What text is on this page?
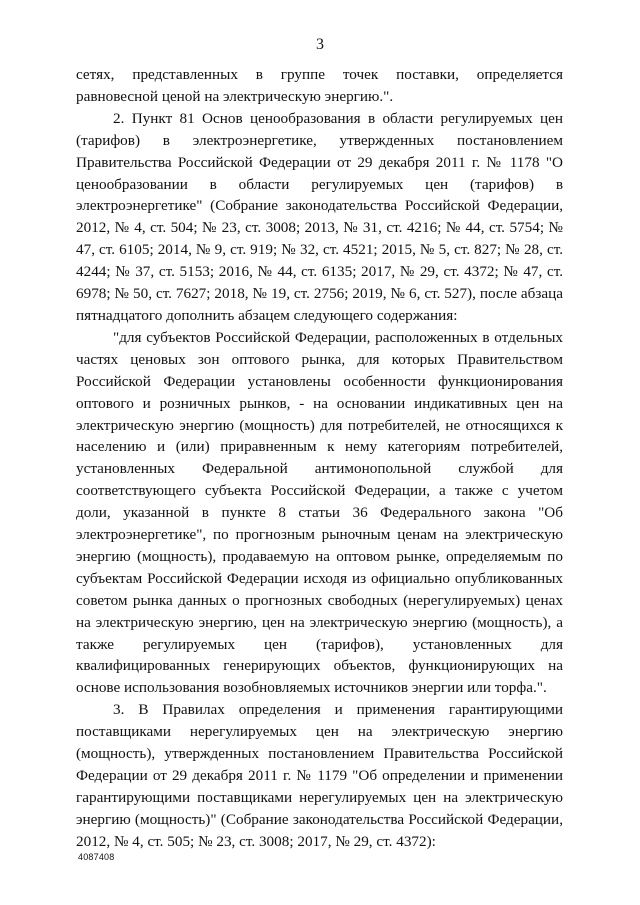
3

сетях, представленных в группе точек поставки, определяется равновесной ценой на электрическую энергию.".

2. Пункт 81 Основ ценообразования в области регулируемых цен (тарифов) в электроэнергетике, утвержденных постановлением Правительства Российской Федерации от 29 декабря 2011 г. № 1178 "О ценообразовании в области регулируемых цен (тарифов) в электроэнергетике" (Собрание законодательства Российской Федерации, 2012, № 4, ст. 504; № 23, ст. 3008; 2013, № 31, ст. 4216; № 44, ст. 5754; № 47, ст. 6105; 2014, № 9, ст. 919; № 32, ст. 4521; 2015, № 5, ст. 827; № 28, ст. 4244; № 37, ст. 5153; 2016, № 44, ст. 6135; 2017, № 29, ст. 4372; № 47, ст. 6978; № 50, ст. 7627; 2018, № 19, ст. 2756; 2019, № 6, ст. 527), после абзаца пятнадцатого дополнить абзацем следующего содержания:

"для субъектов Российской Федерации, расположенных в отдельных частях ценовых зон оптового рынка, для которых Правительством Российской Федерации установлены особенности функционирования оптового и розничных рынков, - на основании индикативных цен на электрическую энергию (мощность) для потребителей, не относящихся к населению и (или) приравненным к нему категориям потребителей, установленных Федеральной антимонопольной службой для соответствующего субъекта Российской Федерации, а также с учетом доли, указанной в пункте 8 статьи 36 Федерального закона "Об электроэнергетике", по прогнозным рыночным ценам на электрическую энергию (мощность), продаваемую на оптовом рынке, определяемым по субъектам Российской Федерации исходя из официально опубликованных советом рынка данных о прогнозных свободных (нерегулируемых) ценах на электрическую энергию, цен на электрическую энергию (мощность), а также регулируемых цен (тарифов), установленных для квалифицированных генерирующих объектов, функционирующих на основе использования возобновляемых источников энергии или торфа.".

3. В Правилах определения и применения гарантирующими поставщиками нерегулируемых цен на электрическую энергию (мощность), утвержденных постановлением Правительства Российской Федерации от 29 декабря 2011 г. № 1179 "Об определении и применении гарантирующими поставщиками нерегулируемых цен на электрическую энергию (мощность)" (Собрание законодательства Российской Федерации, 2012, № 4, ст. 505; № 23, ст. 3008; 2017, № 29, ст. 4372):

4087408
